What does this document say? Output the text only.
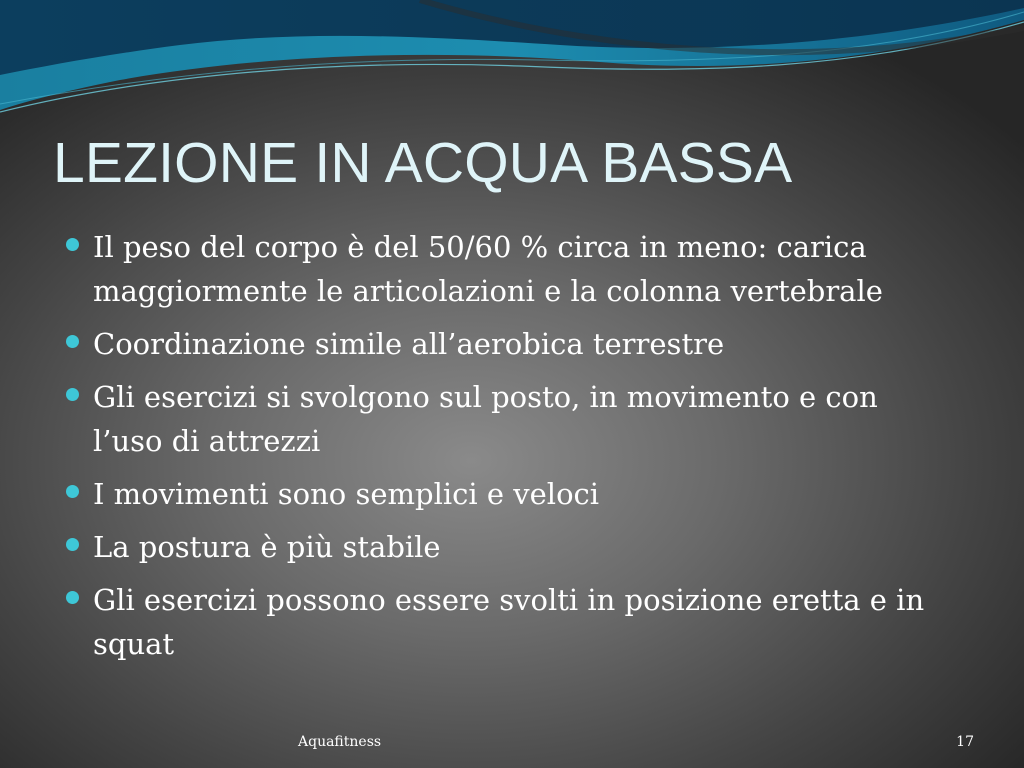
LEZIONE IN ACQUA BASSA
Il peso del corpo è del 50/60 % circa in meno: carica maggiormente le articolazioni e la colonna vertebrale
Coordinazione simile all’aerobica terrestre
Gli esercizi si svolgono sul posto, in movimento e con l’uso di attrezzi
I movimenti sono semplici e veloci
La postura è più stabile
Gli esercizi possono essere svolti in posizione eretta e in squat
Aquafitness	17
